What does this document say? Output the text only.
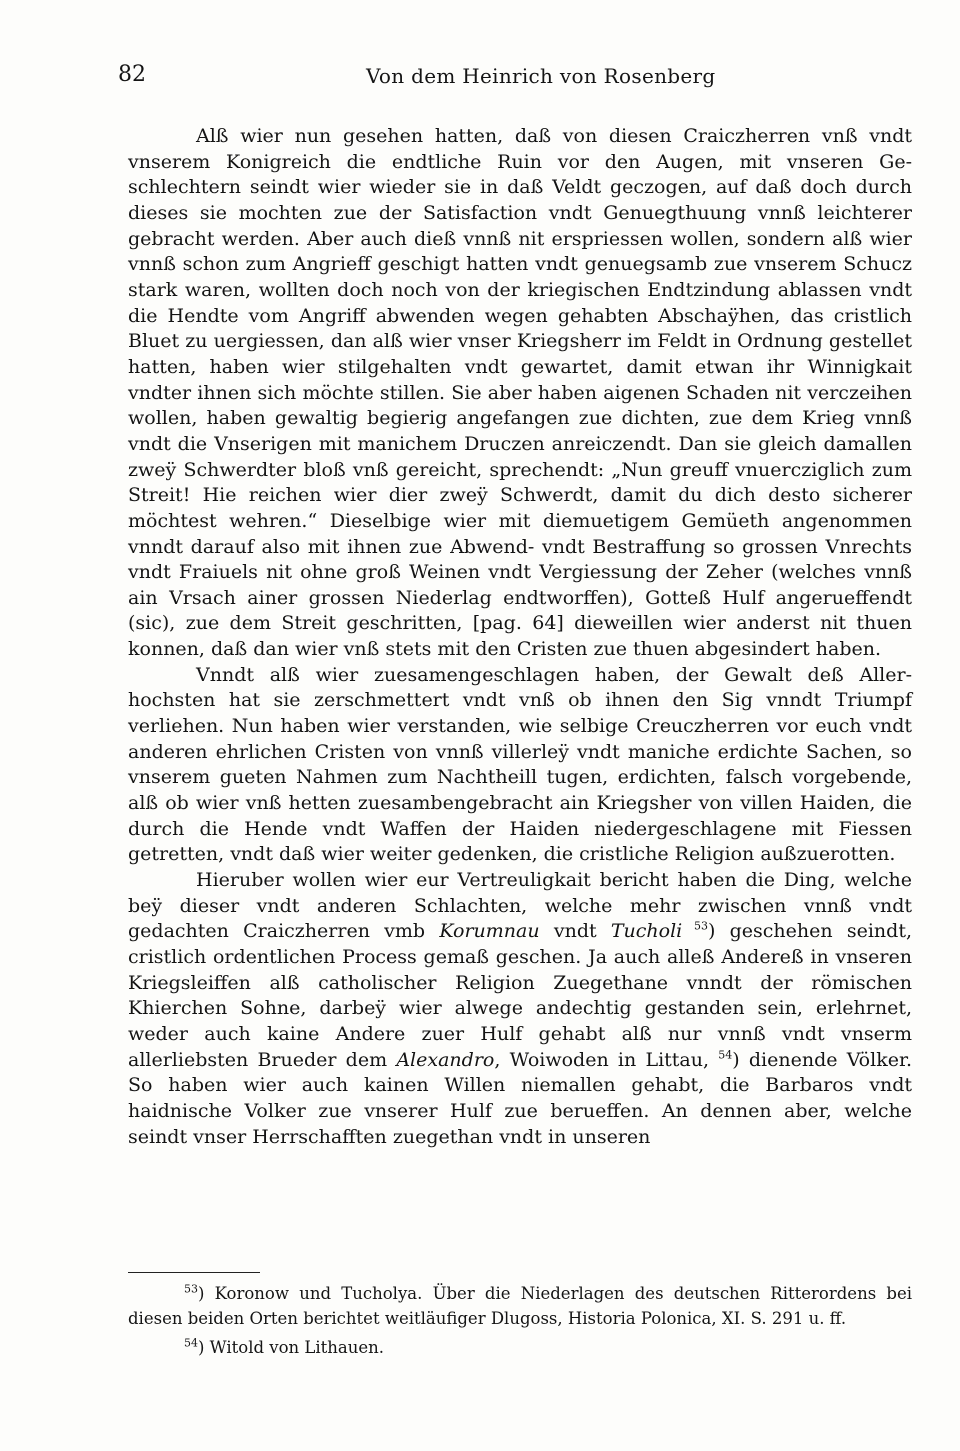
82	Von dem Heinrich von Rosenberg

Alß wier nun gesehen hatten, daß von diesen Craiczherren vnß vndt vnserem Konigreich die endtliche Ruin vor den Augen, mit vnseren Geschlechtern seindt wier wieder sie in daß Veldt geczogen, auf daß doch durch dieses sie mochten zue der Satisfaction vndt Genuegthuung vnnß leichterer gebracht werden. Aber auch dieß vnnß nit erspriessen wollen, sondern alß wier vnnß schon zum Angrieff geschigt hatten vndt genuegsamb zue vnserem Schucz stark waren, wollten doch noch von der kriegischen Endtzindung ablassen vndt die Hendte vom Angriff abwenden wegen gehabten Abschaÿhen, das cristlich Bluet zu uergiessen, dan alß wier vnser Kriegsherr im Feldt in Ordnung gestellet hatten, haben wier stilgehalten vndt gewartet, damit etwan ihr Winnigkait vndter ihnen sich möchte stillen. Sie aber haben aigenen Schaden nit verczeihen wollen, haben gewaltig begierig angefangen zue dichten, zue dem Krieg vnnß vndt die Vnserigen mit manichem Druczen anreiczendt. Dan sie gleich damallen zweÿ Schwerdter bloß vnß gereicht, sprechendt: „Nun greuff vnuercziglich zum Streit! Hie reichen wier dier zweÿ Schwerdt, damit du dich desto sicherer möchtest wehren.“ Dieselbige wier mit diemuetigem Gemüeth angenommen vnndt darauf also mit ihnen zue Abwend- vndt Bestraffung so grossen Vnrechts vndt Fraiuels nit ohne groß Weinen vndt Vergiessung der Zeher (welches vnnß ain Vrsach ainer grossen Niederlag endtworffen), Gotteß Hulf angerueffendt (sic), zue dem Streit geschritten, [pag. 64] dieweillen wier anderst nit thuen konnen, daß dan wier vnß stets mit den Cristen zue thuen abgesindert haben.

Vnndt alß wier zuesamengeschlagen haben, der Gewalt deß Allerhochsten hat sie zerschmettert vndt vnß ob ihnen den Sig vnndt Triumpf verliehen. Nun haben wier verstanden, wie selbige Creuczherren vor euch vndt anderen ehrlichen Cristen von vnnß villerleÿ vndt maniche erdichte Sachen, so vnserem gueten Nahmen zum Nachtheill tugen, erdichten, falsch vorgebende, alß ob wier vnß hetten zuesambengebracht ain Kriegsher von villen Haiden, die durch die Hende vndt Waffen der Haiden niedergeschlagene mit Fiessen getretten, vndt daß wier weiter gedenken, die cristliche Religion außzuerotten.

Hieruber wollen wier eur Vertreuligkait bericht haben die Ding, welche beÿ dieser vndt anderen Schlachten, welche mehr zwischen vnnß vndt gedachten Craiczherren vmb Korumnau vndt Tucholi $^{53}$) geschehen seindt, cristlich ordentlichen Process gemaß geschen. Ja auch alleß Andereß in vnseren Kriegsleiffen alß catholischer Religion Zuegethane vnndt der römischen Khierchen Sohne, darbeÿ wier alwege andechtig gestanden sein, erlehrnet, weder auch kaine Andere zuer Hulf gehabt alß nur vnnß vndt vnserm allerliebsten Brueder dem Alexandro, Woiwoden in Littau, $^{54}$) dienende Völker. So haben wier auch kainen Willen niemallen gehabt, die Barbaros vndt haidnische Volker zue vnserer Hulf zue berueffen. An dennen aber, welche seindt vnser Herrschafften zuegethan vndt in unseren

$^{53}$) Koronow und Tucholya. Über die Niederlagen des deutschen Ritterordens bei diesen beiden Orten berichtet weitläufiger Dlugoss, Historia Polonica, XI. S. 291 u. ff.

$^{54}$) Witold von Lithauen.
